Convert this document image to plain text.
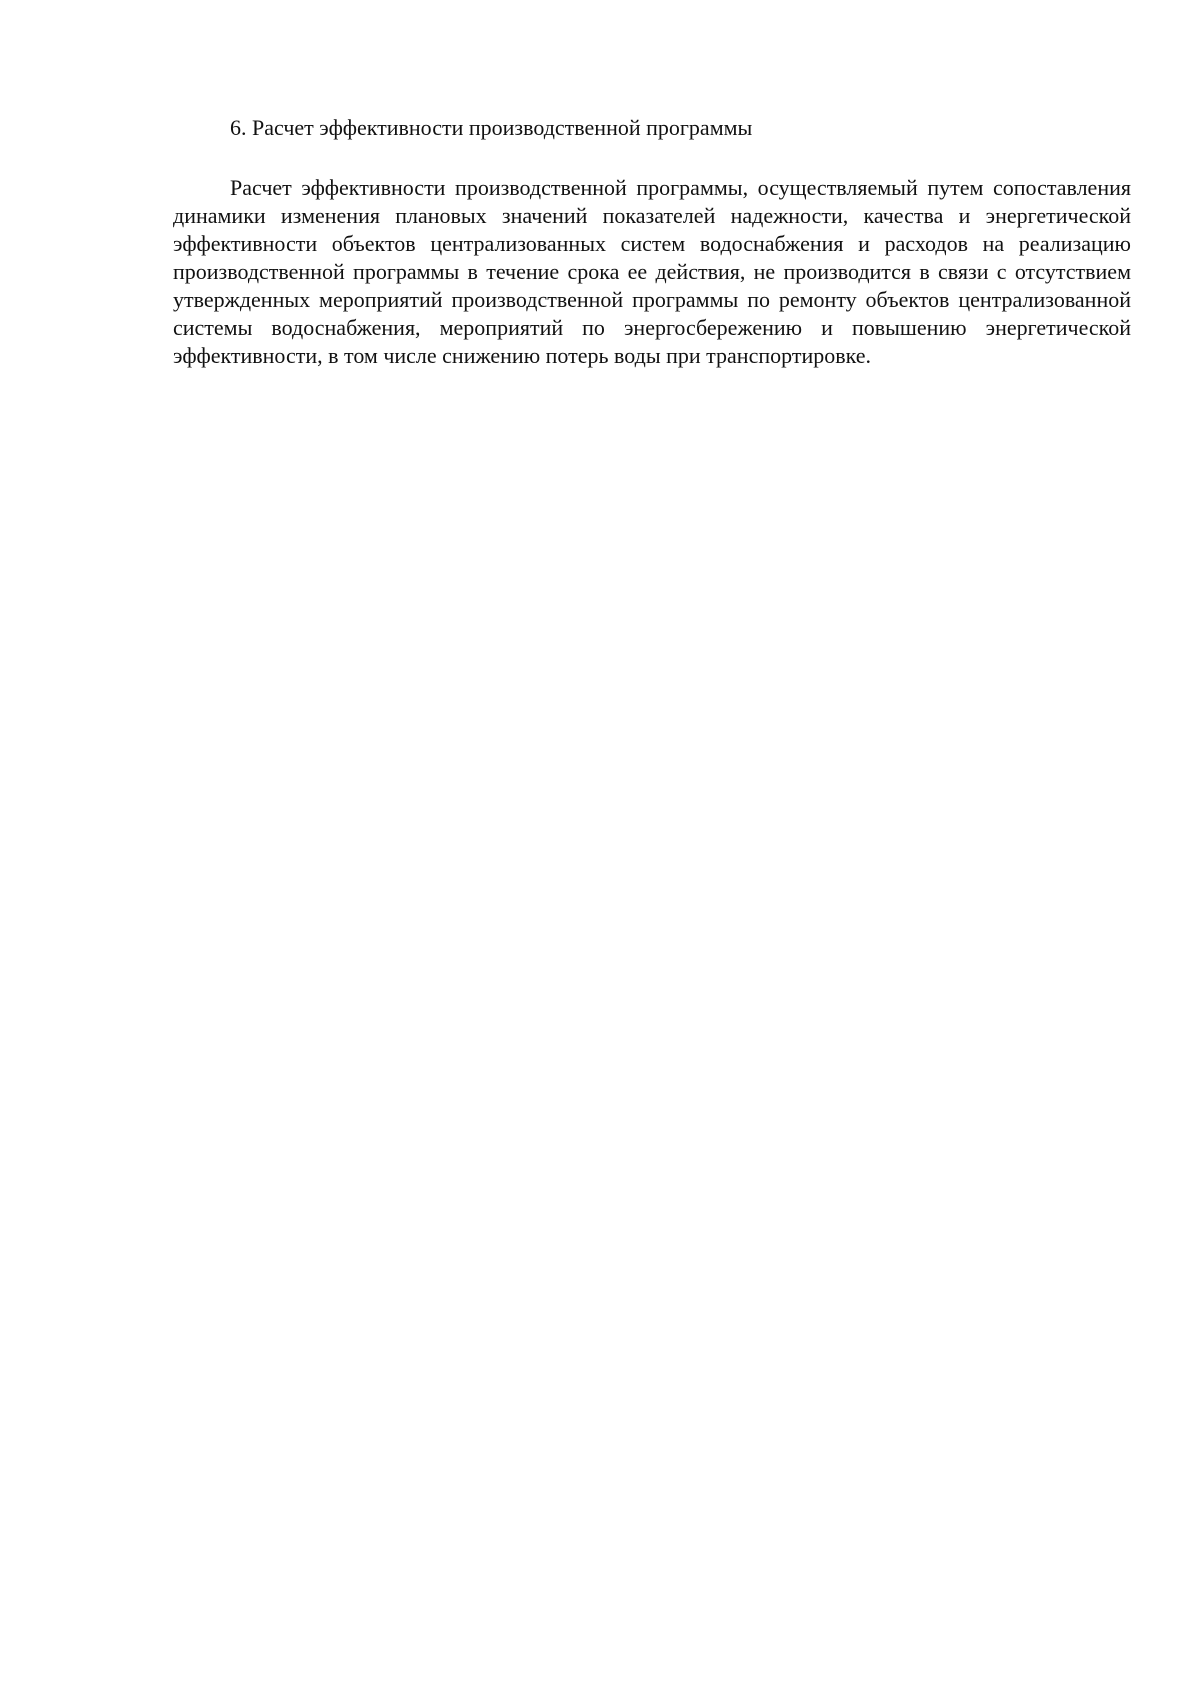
6. Расчет эффективности производственной программы

Расчет эффективности производственной программы, осуществляемый путем сопоставления динамики изменения плановых значений показателей надежности, качества и энергетической эффективности объектов централизованных систем водоснабжения и расходов на реализацию производственной программы в течение срока ее действия, не производится в связи с отсутствием утвержденных мероприятий производственной программы по ремонту объектов централизованной системы водоснабжения, мероприятий по энергосбережению и повышению энергетической эффективности, в том числе снижению потерь воды при транспортировке.
